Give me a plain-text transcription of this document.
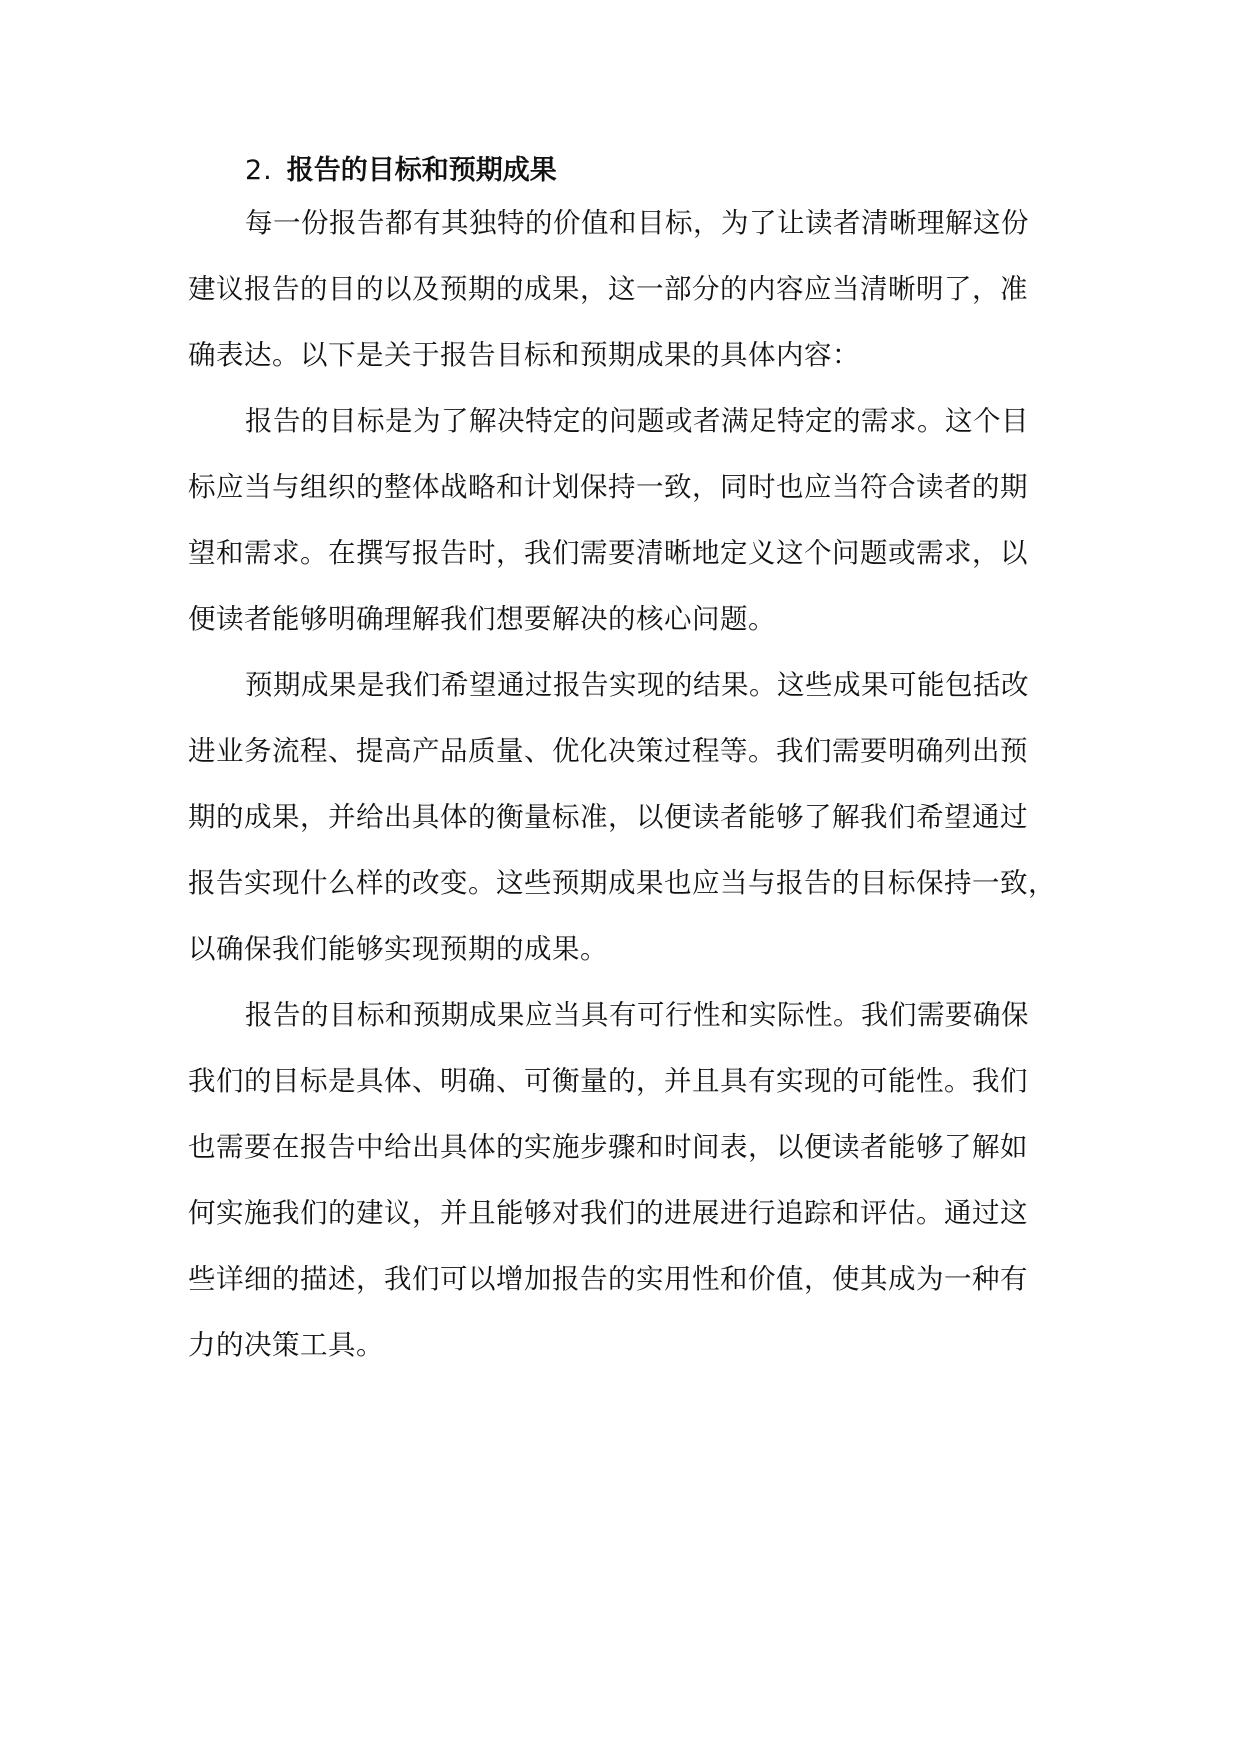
2. 报告的目标和预期成果
每一份报告都有其独特的价值和目标，为了让读者清晰理解这份
建议报告的目的以及预期的成果，这一部分的内容应当清晰明了，准
确表达。以下是关于报告目标和预期成果的具体内容：
报告的目标是为了解决特定的问题或者满足特定的需求。这个目
标应当与组织的整体战略和计划保持一致，同时也应当符合读者的期
望和需求。在撰写报告时，我们需要清晰地定义这个问题或需求，以
便读者能够明确理解我们想要解决的核心问题。
预期成果是我们希望通过报告实现的结果。这些成果可能包括改
进业务流程、提高产品质量、优化决策过程等。我们需要明确列出预
期的成果，并给出具体的衡量标准，以便读者能够了解我们希望通过
报告实现什么样的改变。这些预期成果也应当与报告的目标保持一致，
以确保我们能够实现预期的成果。
报告的目标和预期成果应当具有可行性和实际性。我们需要确保
我们的目标是具体、明确、可衡量的，并且具有实现的可能性。我们
也需要在报告中给出具体的实施步骤和时间表，以便读者能够了解如
何实施我们的建议，并且能够对我们的进展进行追踪和评估。通过这
些详细的描述，我们可以增加报告的实用性和价值，使其成为一种有
力的决策工具。
